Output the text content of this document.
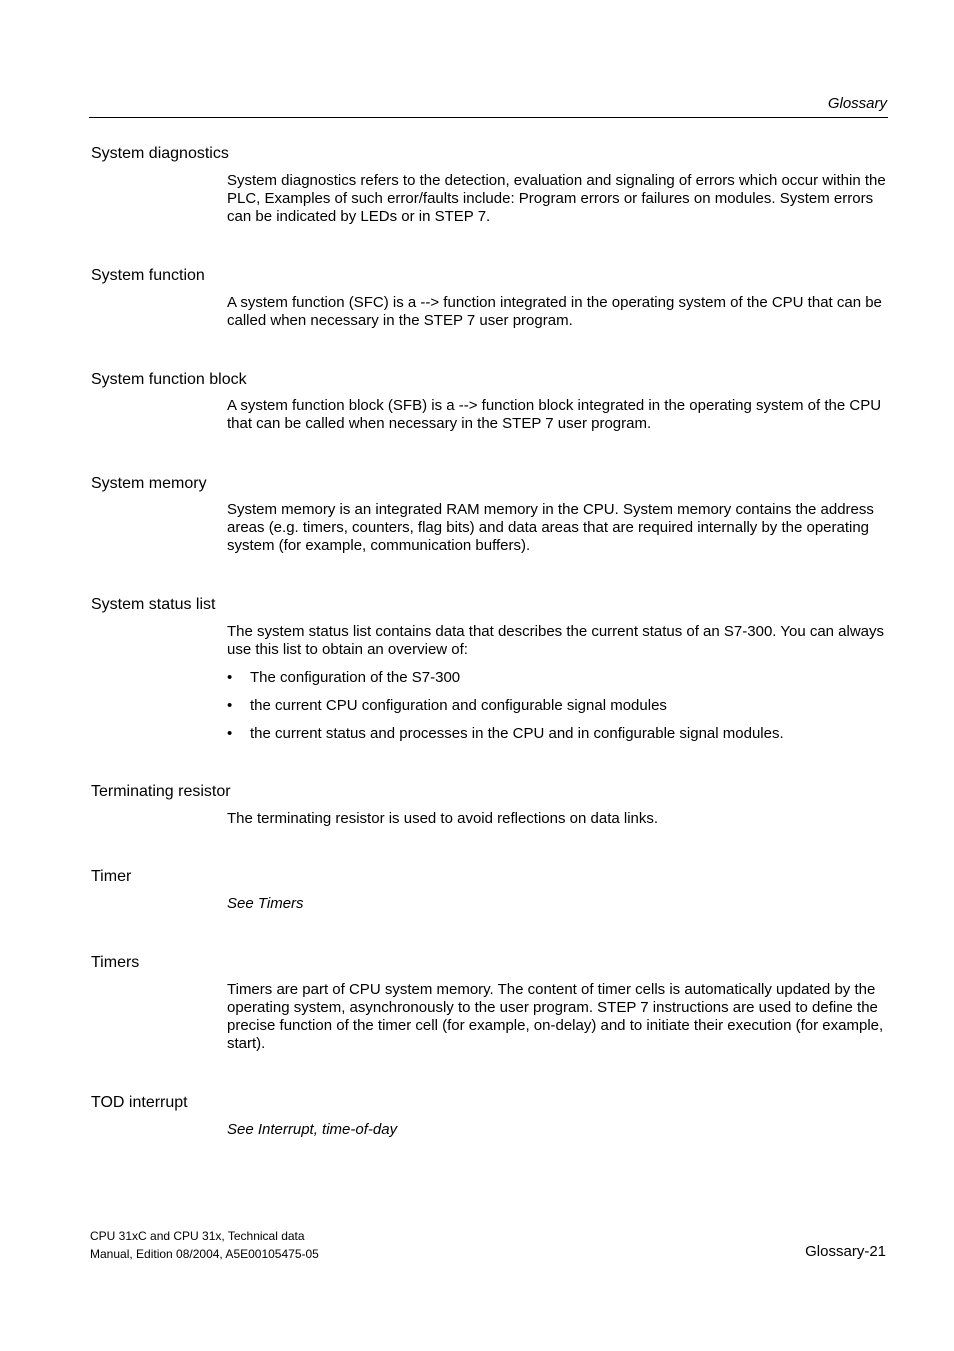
Glossary
System diagnostics
System diagnostics refers to the detection, evaluation and signaling of errors which occur within the PLC, Examples of such error/faults include: Program errors or failures on modules. System errors can be indicated by LEDs or in STEP 7.
System function
A system function (SFC) is a --> function integrated in the operating system of the CPU that can be called when necessary in the STEP 7 user program.
System function block
A system function block (SFB) is a --> function block integrated in the operating system of the CPU that can be called when necessary in the STEP 7 user program.
System memory
System memory is an integrated RAM memory in the CPU. System memory contains the address areas (e.g. timers, counters, flag bits) and data areas that are required internally by the operating system (for example, communication buffers).
System status list
The system status list contains data that describes the current status of an S7-300. You can always use this list to obtain an overview of:
• The configuration of the S7-300
• the current CPU configuration and configurable signal modules
• the current status and processes in the CPU and in configurable signal modules.
Terminating resistor
The terminating resistor is used to avoid reflections on data links.
Timer
See Timers
Timers
Timers are part of CPU system memory. The content of timer cells is automatically updated by the operating system, asynchronously to the user program. STEP 7 instructions are used to define the precise function of the timer cell (for example, on-delay) and to initiate their execution (for example, start).
TOD interrupt
See Interrupt, time-of-day
CPU 31xC and CPU 31x, Technical data
Manual, Edition 08/2004, A5E00105475-05	Glossary-21
